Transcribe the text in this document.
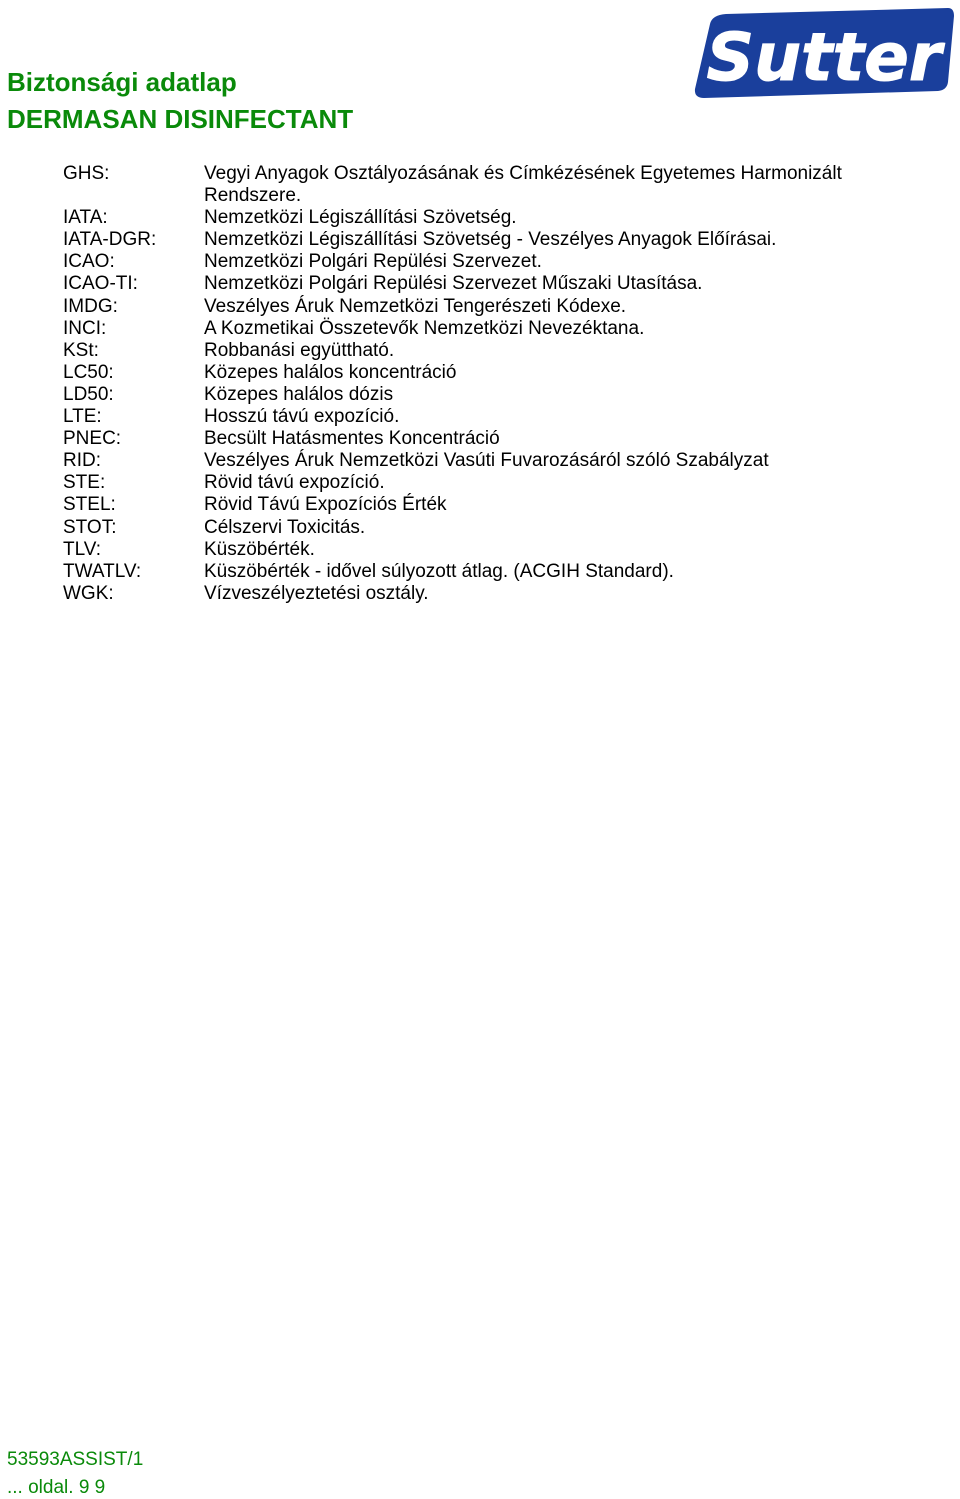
Biztonsági adatlap
DERMASAN DISINFECTANT
Sutter
GHS:	Vegyi Anyagok Osztályozásának és Címkézésének Egyetemes Harmonizált Rendszere.
IATA:	Nemzetközi Légiszállítási Szövetség.
IATA-DGR:	Nemzetközi Légiszállítási Szövetség - Veszélyes Anyagok Előírásai.
ICAO:	Nemzetközi Polgári Repülési Szervezet.
ICAO-TI:	Nemzetközi Polgári Repülési Szervezet Műszaki Utasítása.
IMDG:	Veszélyes Áruk Nemzetközi Tengerészeti Kódexe.
INCI:	A Kozmetikai Összetevők Nemzetközi Nevezéktana.
KSt:	Robbanási együttható.
LC50:	Közepes halálos koncentráció
LD50:	Közepes halálos dózis
LTE:	Hosszú távú expozíció.
PNEC:	Becsült Hatásmentes Koncentráció
RID:	Veszélyes Áruk Nemzetközi Vasúti Fuvarozásáról szóló Szabályzat
STE:	Rövid távú expozíció.
STEL:	Rövid Távú Expozíciós Érték
STOT:	Célszervi Toxicitás.
TLV:	Küszöbérték.
TWATLV:	Küszöbérték - idővel súlyozott átlag. (ACGIH Standard).
WGK:	Vízveszélyeztetési osztály.
53593ASSIST/1
... oldal. 9 9
